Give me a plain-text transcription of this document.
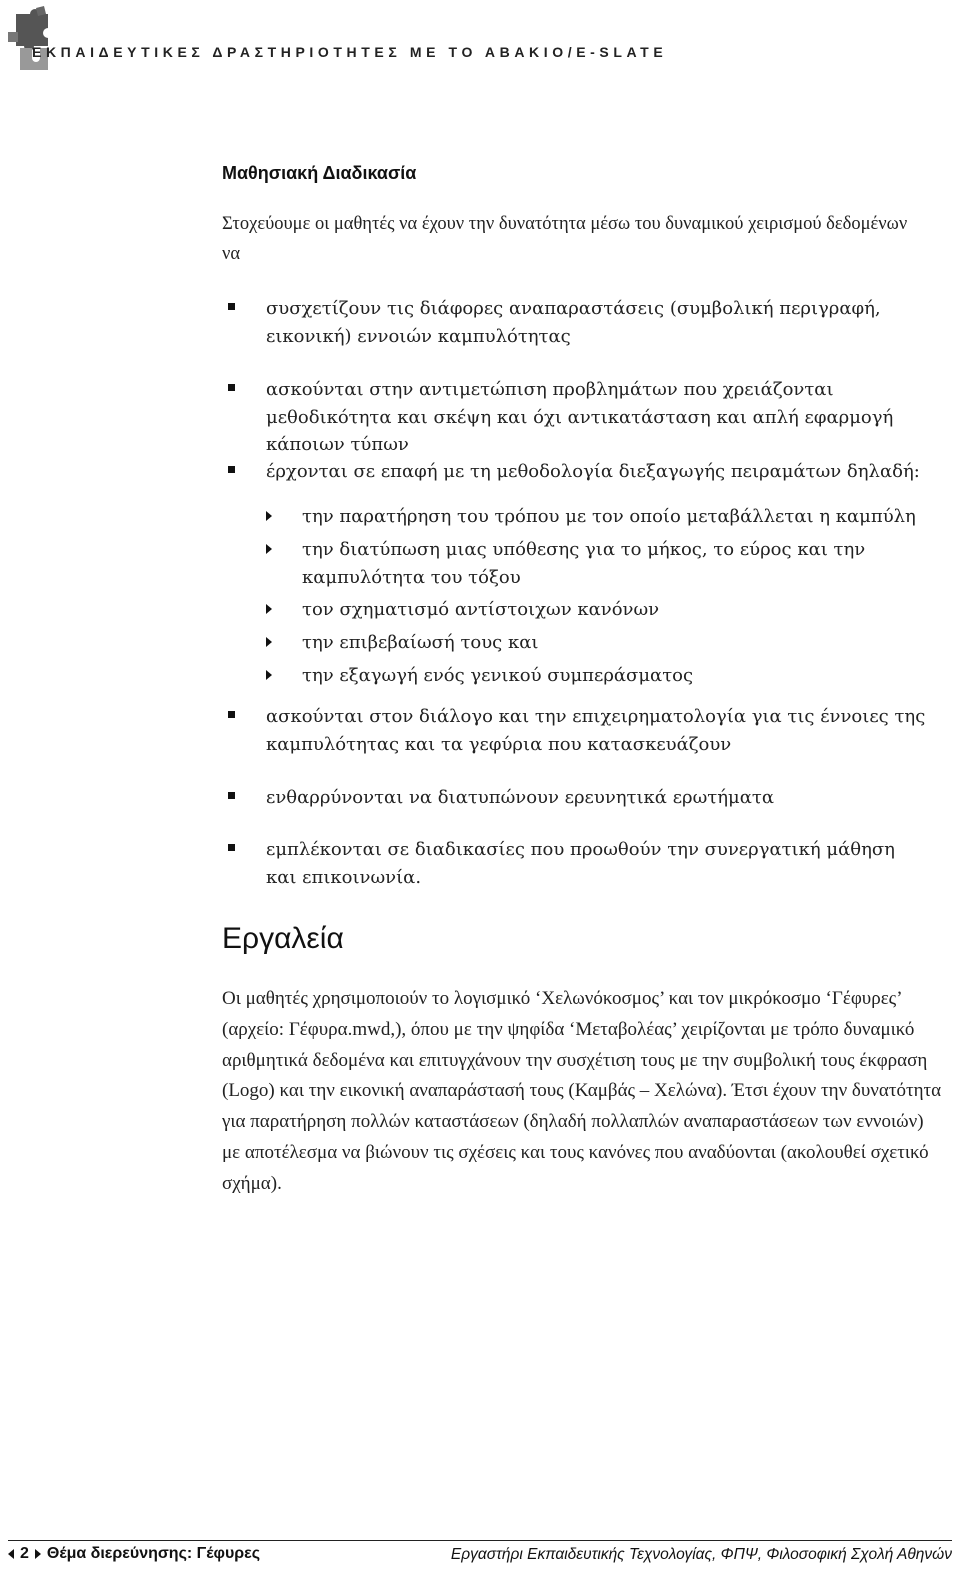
ΕΚΠΑΙΔΕΥΤΙΚΕΣ ΔΡΑΣΤΗΡΙΟΤΗΤΕΣ ΜΕ ΤΟ ΑΒΑΚΙΟ/E-SLATE
Μαθησιακή Διαδικασία
Στοχεύουμε οι μαθητές να έχουν την δυνατότητα μέσω του δυναμικού χειρισμού δεδομένων να
συσχετίζουν τις διάφορες αναπαραστάσεις (συμβολική περιγραφή, εικονική) εννοιών καμπυλότητας
ασκούνται στην αντιμετώπιση προβλημάτων που χρειάζονται μεθοδικότητα και σκέψη και όχι αντικατάσταση και απλή εφαρμογή κάποιων τύπων
έρχονται σε επαφή με τη μεθοδολογία διεξαγωγής πειραμάτων δηλαδή:
την παρατήρηση του τρόπου με τον οποίο μεταβάλλεται η καμπύλη
την διατύπωση μιας υπόθεσης για το μήκος, το εύρος και την καμπυλότητα του τόξου
τον σχηματισμό αντίστοιχων κανόνων
την επιβεβαίωσή τους και
την εξαγωγή ενός γενικού συμπεράσματος
ασκούνται στον διάλογο και την επιχειρηματολογία για τις έννοιες της καμπυλότητας και τα γεφύρια που κατασκευάζουν
ενθαρρύνονται να διατυπώνουν ερευνητικά ερωτήματα
εμπλέκονται σε διαδικασίες που προωθούν την συνεργατική μάθηση και επικοινωνία.
Εργαλεία
Οι μαθητές χρησιμοποιούν το λογισμικό ‘Χελωνόκοσμος’ και τον μικρόκοσμο ‘Γέφυρες’ (αρχείο: Γέφυρα.mwd,), όπου με την ψηφίδα ‘Μεταβολέας’ χειρίζονται με τρόπο δυναμικό αριθμητικά δεδομένα και επιτυγχάνουν την συσχέτιση τους με την συμβολική τους έκφραση (Logo) και την εικονική αναπαράστασή τους (Καμβάς – Χελώνα). Έτσι έχουν την δυνατότητα για παρατήρηση πολλών καταστάσεων (δηλαδή πολλαπλών αναπαραστάσεων των εννοιών) με αποτέλεσμα να βιώνουν τις σχέσεις και τους κανόνες που αναδύονται (ακολουθεί σχετικό σχήμα).
2 Θέμα διερεύνησης: Γέφυρες	Εργαστήρι Εκπαιδευτικής Τεχνολογίας, ΦΠΨ, Φιλοσοφική Σχολή Αθηνών
